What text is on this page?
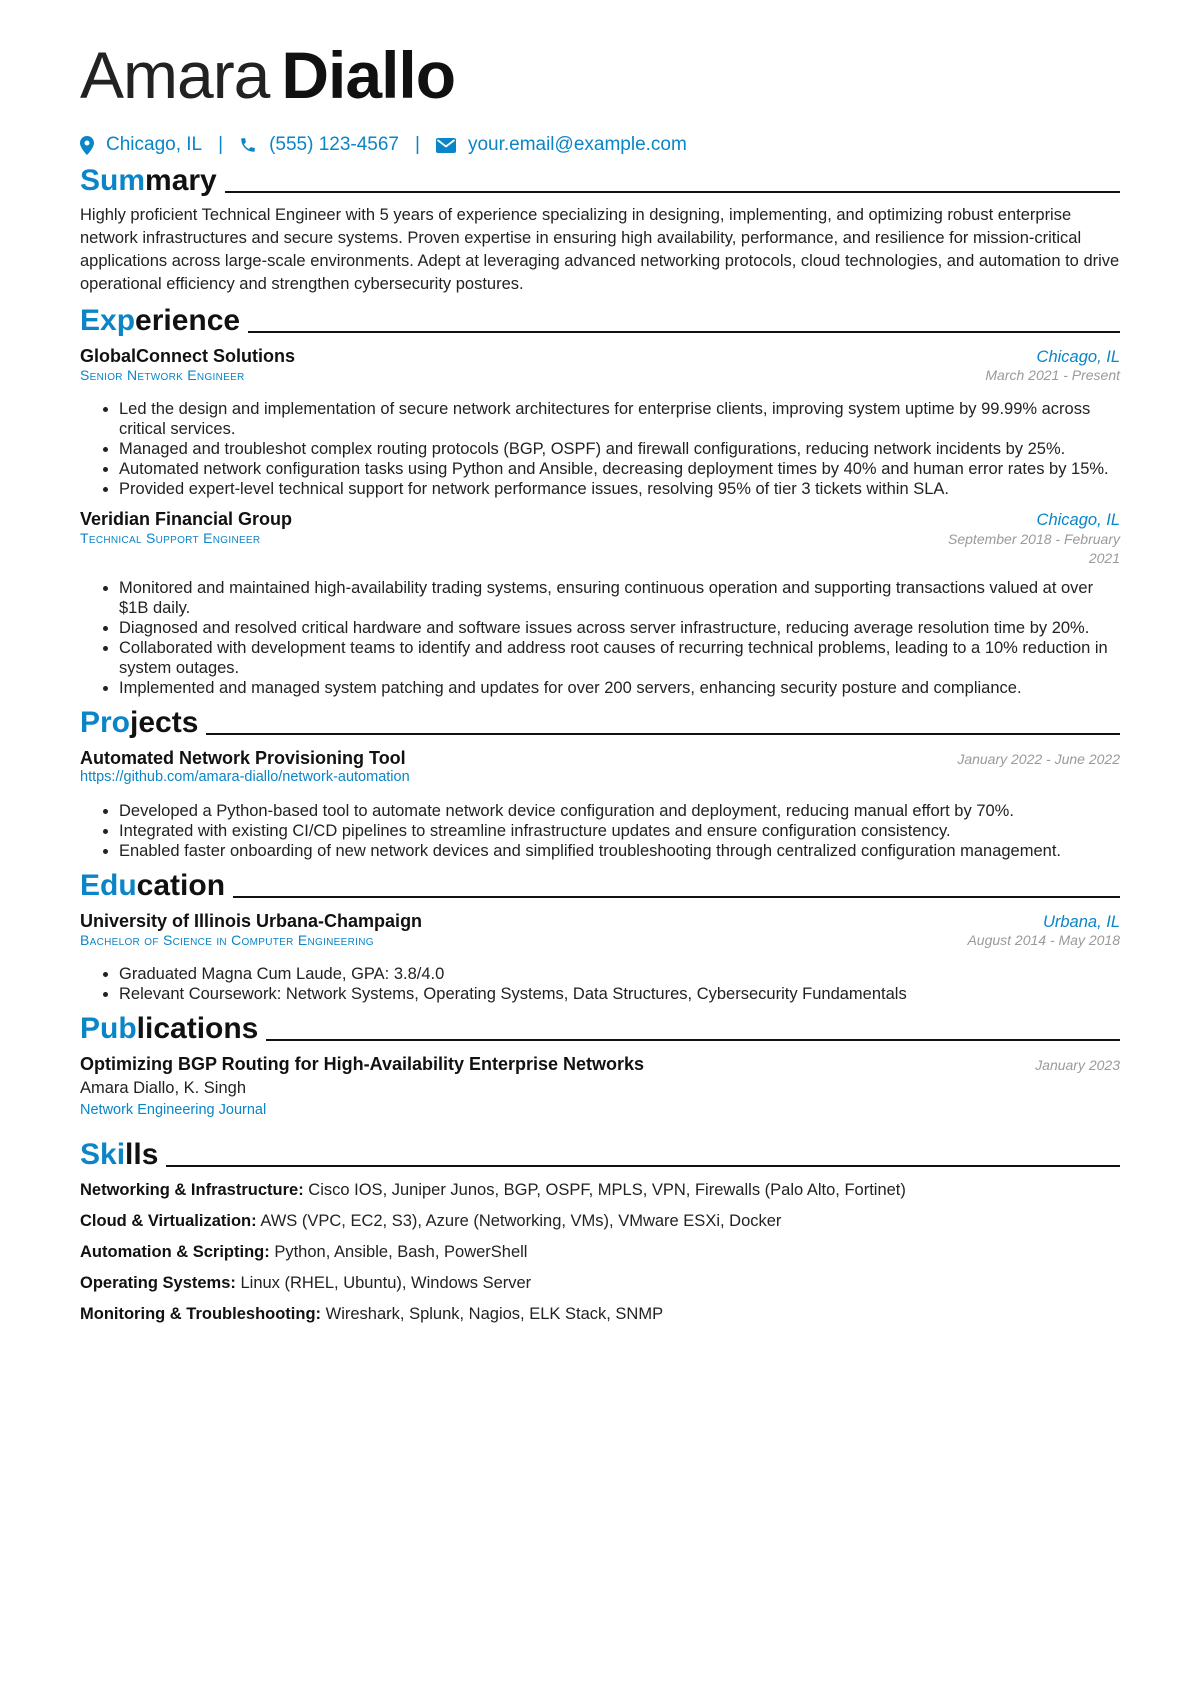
Amara Diallo
Chicago, IL | (555) 123-4567 |	your.email@example.com
Summary

Highly proficient Technical Engineer with 5 years of experience specializing in designing, implementing, and optimizing robust enterprise network infrastructures and secure systems. Proven expertise in ensuring high availability, performance, and resilience for mission-critical applications across large-scale environments. Adept at leveraging advanced networking protocols, cloud technologies, and automation to drive operational efficiency and strengthen cybersecurity postures.

Experience
GlobalConnect Solutions	Chicago, IL
Senior Network Engineer	March 2021 - Present
• Led the design and implementation of secure network architectures for enterprise clients, improving system uptime by 99.99% across critical services.
• Managed and troubleshot complex routing protocols (BGP, OSPF) and firewall configurations, reducing network incidents by 25%.
• Automated network configuration tasks using Python and Ansible, decreasing deployment times by 40% and human error rates by 15%.
• Provided expert-level technical support for network performance issues, resolving 95% of tier 3 tickets within SLA.
Veridian Financial Group	Chicago, IL
Technical Support Engineer	September 2018 - February 2021
• Monitored and maintained high-availability trading systems, ensuring continuous operation and supporting transactions valued at over $1B daily.
• Diagnosed and resolved critical hardware and software issues across server infrastructure, reducing average resolution time by 20%.
• Collaborated with development teams to identify and address root causes of recurring technical problems, leading to a 10% reduction in system outages.
• Implemented and managed system patching and updates for over 200 servers, enhancing security posture and compliance.
Projects
Automated Network Provisioning Tool	January 2022 - June 2022
https://github.com/amara-diallo/network-automation
• Developed a Python-based tool to automate network device configuration and deployment, reducing manual effort by 70%.
• Integrated with existing CI/CD pipelines to streamline infrastructure updates and ensure configuration consistency.
• Enabled faster onboarding of new network devices and simplified troubleshooting through centralized configuration management.
Education
University of Illinois Urbana-Champaign	Urbana, IL
Bachelor of Science in Computer Engineering	August 2014 - May 2018
• Graduated Magna Cum Laude, GPA: 3.8/4.0
• Relevant Coursework: Network Systems, Operating Systems, Data Structures, Cybersecurity Fundamentals
Publications
Optimizing BGP Routing for High-Availability Enterprise Networks	January 2023
Amara Diallo, K. Singh
Network Engineering Journal
Skills
Networking & Infrastructure: Cisco IOS, Juniper Junos, BGP, OSPF, MPLS, VPN, Firewalls (Palo Alto, Fortinet)
Cloud & Virtualization: AWS (VPC, EC2, S3), Azure (Networking, VMs), VMware ESXi, Docker
Automation & Scripting: Python, Ansible, Bash, PowerShell
Operating Systems: Linux (RHEL, Ubuntu), Windows Server
Monitoring & Troubleshooting: Wireshark, Splunk, Nagios, ELK Stack, SNMP
